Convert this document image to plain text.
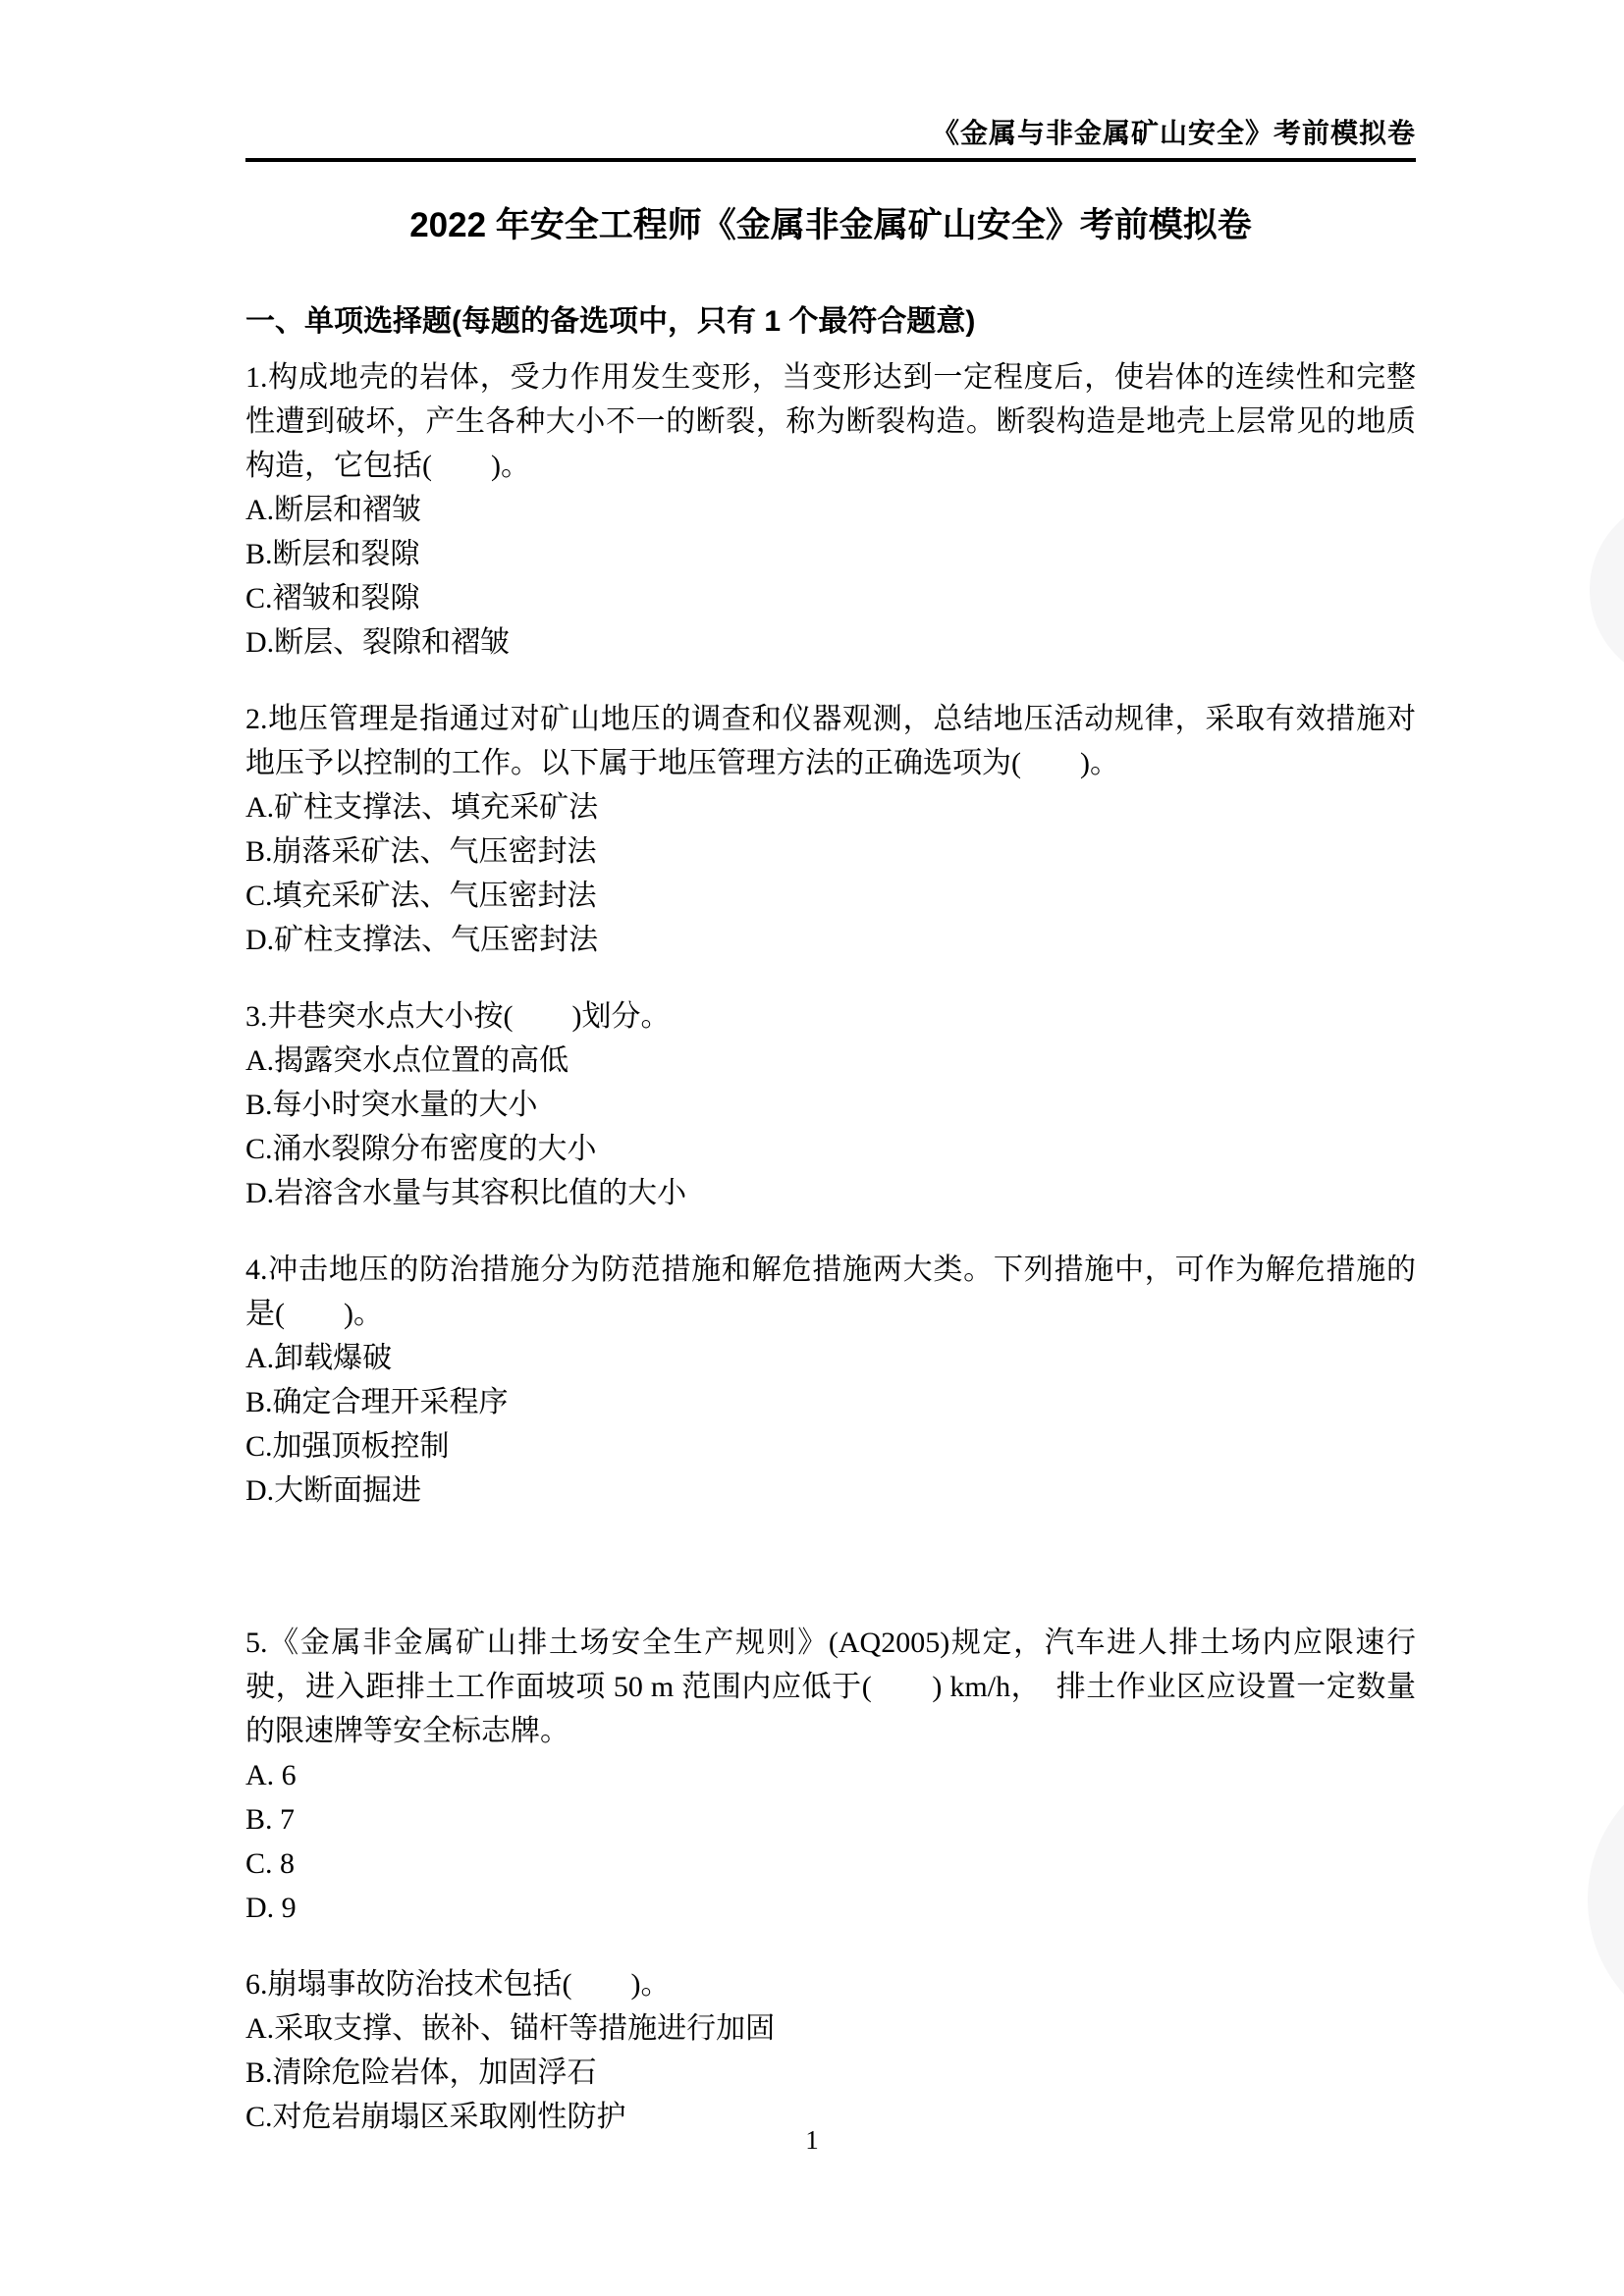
《金属与非金属矿山安全》考前模拟卷
2022 年安全工程师《金属非金属矿山安全》考前模拟卷
一、单项选择题(每题的备选项中，只有 1 个最符合题意)

1.构成地壳的岩体，受力作用发生变形，当变形达到一定程度后，使岩体的连续性和完整性遭到破坏，产生各种大小不一的断裂，称为断裂构造。断裂构造是地壳上层常见的地质构造，它包括(　　)。

A.断层和褶皱

B.断层和裂隙

C.褶皱和裂隙

D.断层、裂隙和褶皱

2.地压管理是指通过对矿山地压的调查和仪器观测，总结地压活动规律，采取有效措施对地压予以控制的工作。以下属于地压管理方法的正确选项为(　　)。

A.矿柱支撑法、填充采矿法

B.崩落采矿法、气压密封法

C.填充采矿法、气压密封法

D.矿柱支撑法、气压密封法

3.井巷突水点大小按(　　)划分。

A.揭露突水点位置的高低

B.每小时突水量的大小

C.涌水裂隙分布密度的大小

D.岩溶含水量与其容积比值的大小

4.冲击地压的防治措施分为防范措施和解危措施两大类。下列措施中，可作为解危措施的是(　　)。

A.卸载爆破

B.确定合理开采程序

C.加强顶板控制

D.大断面掘进

5.《金属非金属矿山排土场安全生产规则》(AQ2005)规定，汽车进人排土场内应限速行驶，进入距排土工作面坡项 50 m 范围内应低于(　　) km/h，　排土作业区应设置一定数量的限速牌等安全标志牌。

A. 6

B. 7

C. 8

D. 9

6.崩塌事故防治技术包括(　　)。

A.采取支撑、嵌补、锚杆等措施进行加固

B.清除危险岩体，加固浮石

C.对危岩崩塌区采取刚性防护

1
